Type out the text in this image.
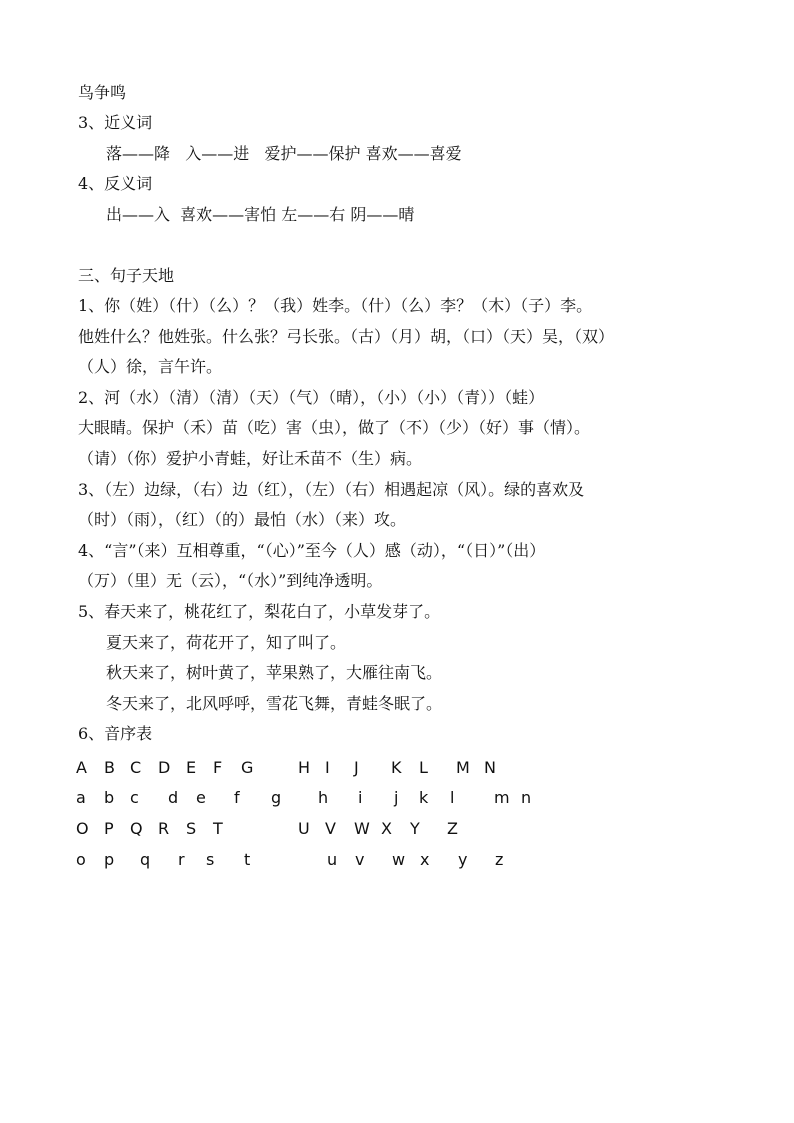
鸟争鸣
3、近义词
落——降   入——进   爱护——保护 喜欢——喜爱
4、反义词
出——入  喜欢——害怕 左——右 阴——晴
三、句子天地
1、你（姓）（什）（么）？（我）姓李。（什）（么）李？（木）（子）李。
他姓什么？他姓张。什么张？弓长张。（古）（月）胡，（口）（天）吴，（双）
（人）徐，言午许。
2、河（水）（清）（清）（天）（气）（晴），（小）（小）（青））（蛙）
大眼睛。保护（禾）苗（吃）害（虫），做了（不）（少）（好）事（情）。
（请）（你）爱护小青蛙，好让禾苗不（生）病。
3、（左）边绿，（右）边（红），（左）（右）相遇起凉（风）。绿的喜欢及
（时）（雨），（红）（的）最怕（水）（来）攻。
4、“言”（来）互相尊重，“（心）”至今（人）感（动），“（日）”（出）
（万）（里）无（云），“（水）”到纯净透明。
5、春天来了，桃花红了，梨花白了，小草发芽了。
夏天来了，荷花开了，知了叫了。
秋天来了，树叶黄了，苹果熟了，大雁往南飞。
冬天来了，北风呼呼，雪花飞舞，青蛙冬眠了。
6、音序表
A B C D E F G	H I J K L M N
a b c d e f g h i j k l m n
O P Q R S T	U V W X Y Z
o p q r s t	u v w x y z
